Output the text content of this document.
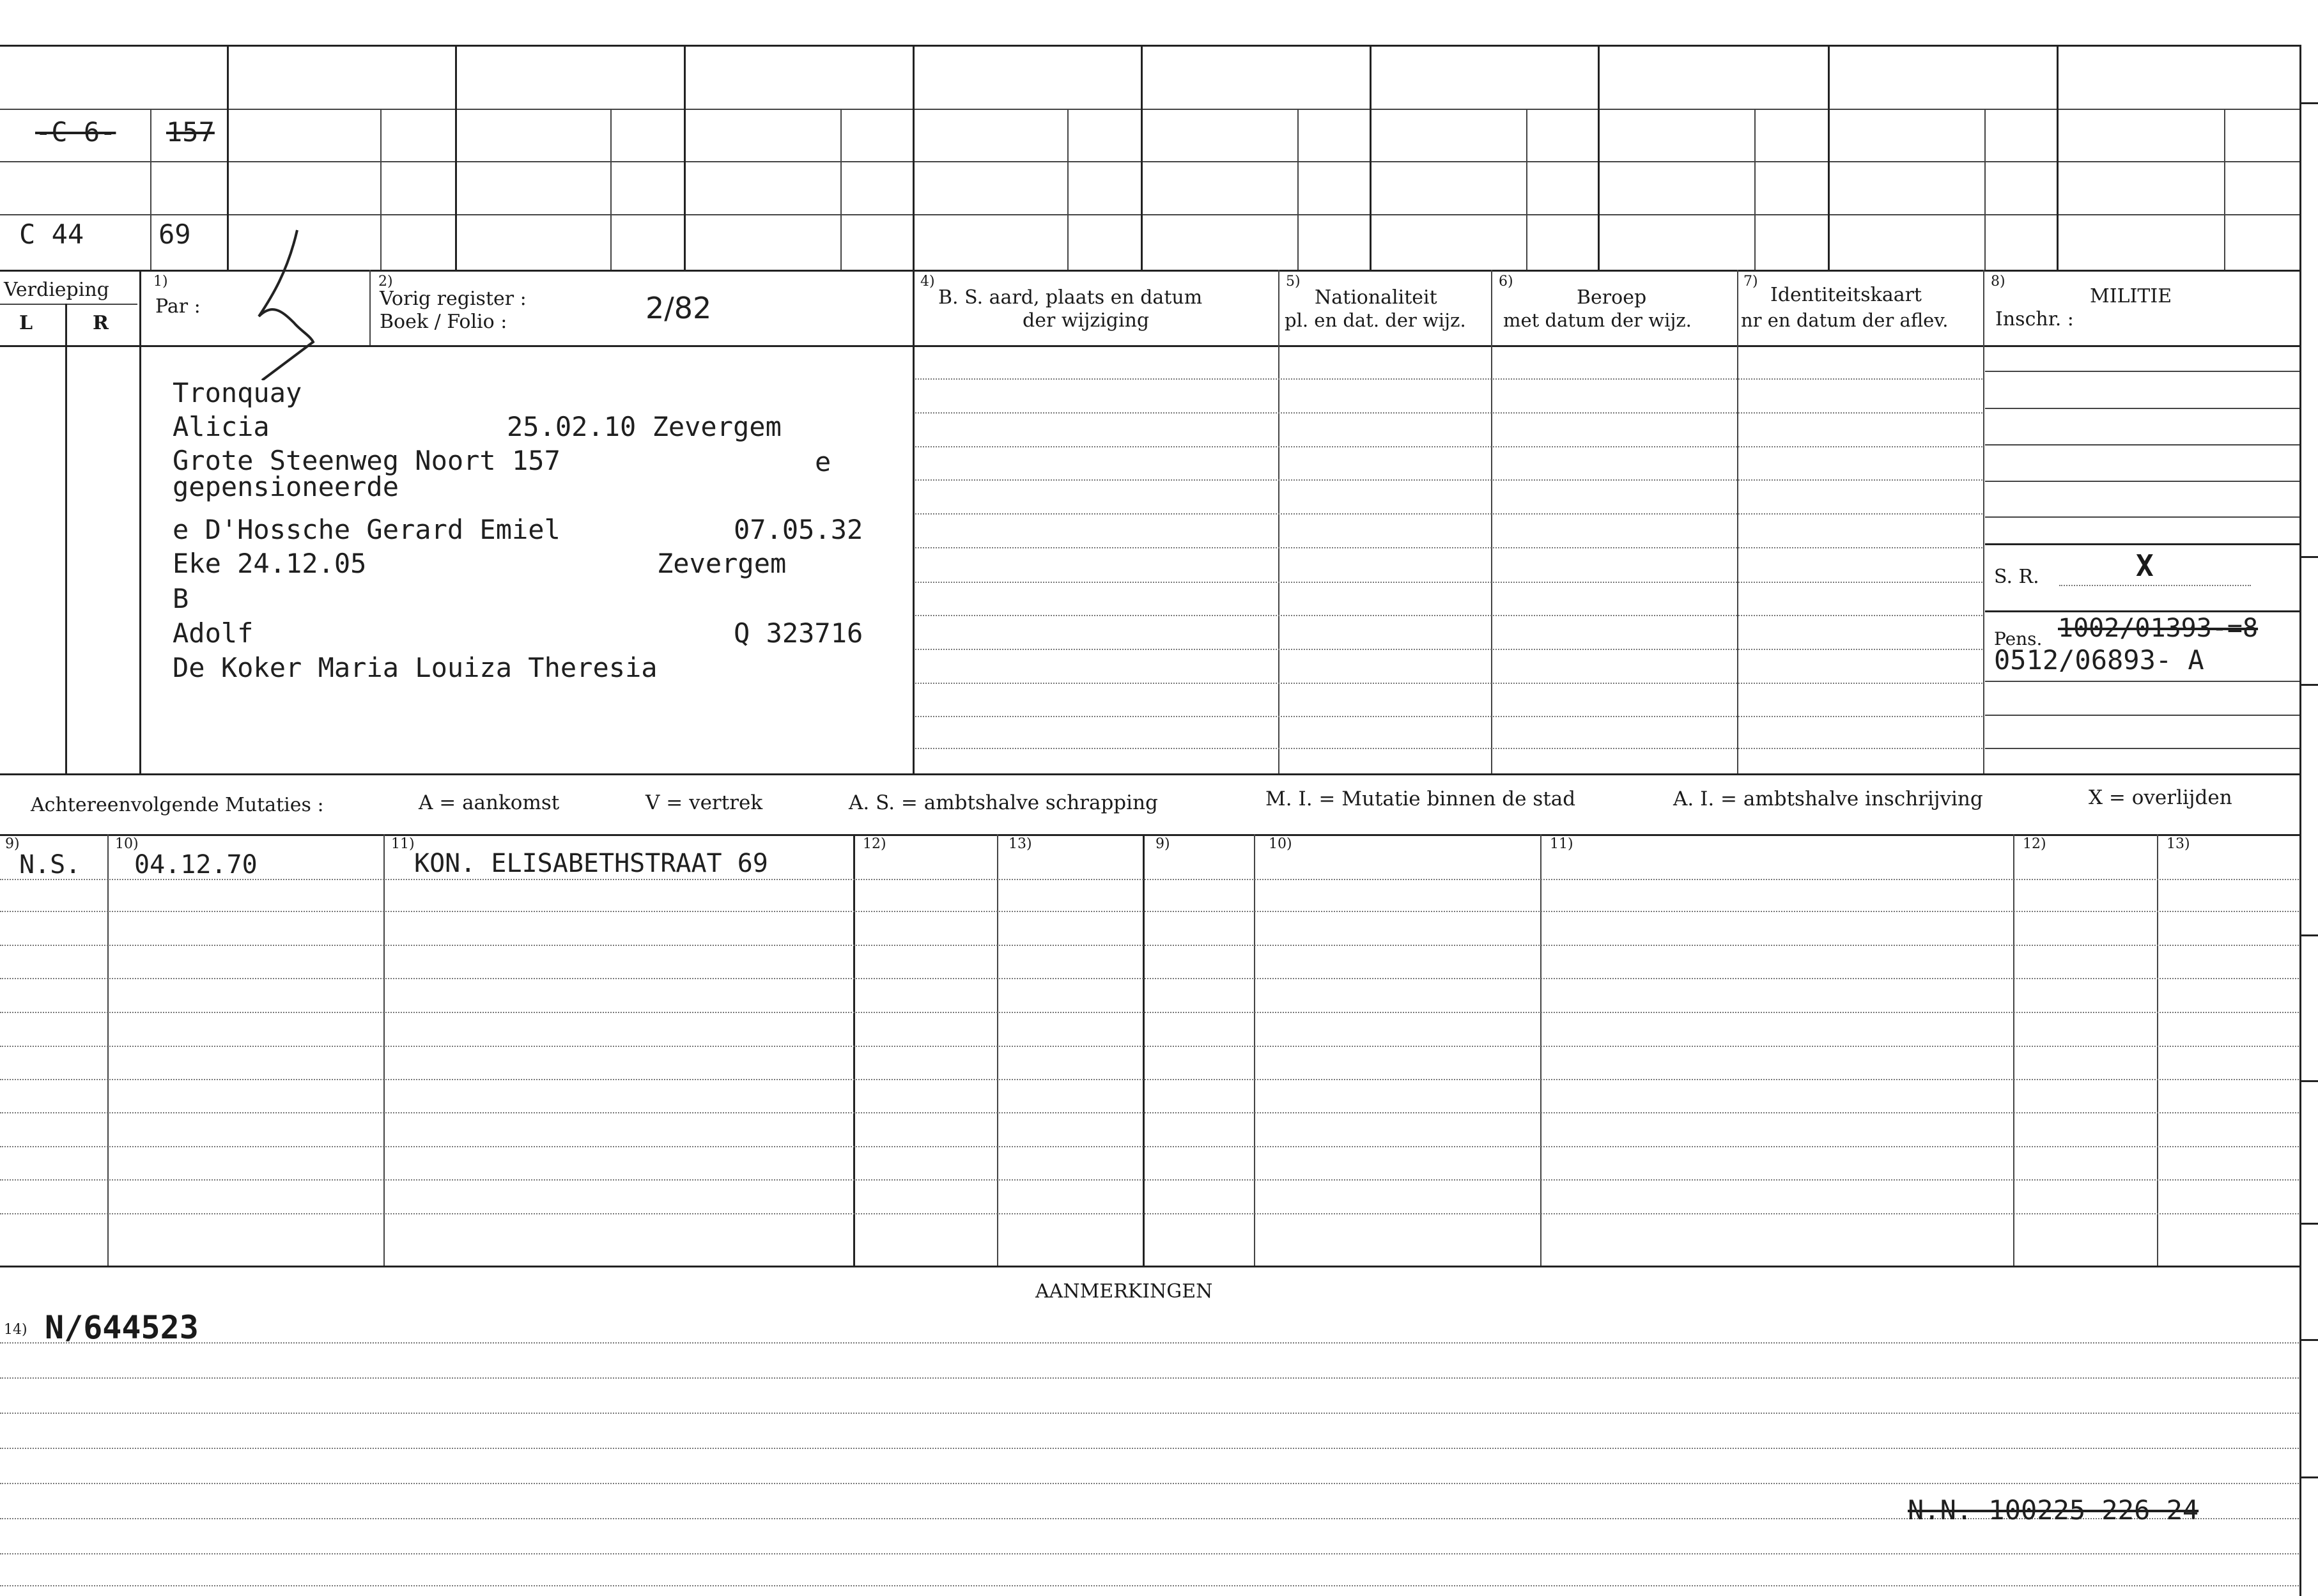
-C 6- 157
C 44	69
Verdieping
L	R
1)
Par :
2)
Vorig register :
Boek / Folio :	2/82
4)
B. S. aard, plaats en datum
der wijziging
5)
Nationaliteit
pl. en dat. der wijz.
6)
Beroep
met datum der wijz.
7)
Identiteitskaart
nr en datum der aflev.
8)
MILITIE
Inschr. :
Tronquay
Alicia	25.02.10 Zevergem
Grote Steenweg Noort 157	e
gepensioneerde
e D'Hossche Gerard Emiel	07.05.32
Eke 24.12.05	Zevergem
B
Adolf	Q 323716
De Koker Maria Louiza Theresia
S. R.	X
Pens. 1002/01393-=8
0512/06893- A
Achtereenvolgende Mutaties :	A = aankomst	V = vertrek	A. S. = ambtshalve schrapping	M. I. = Mutatie binnen de stad	A. I. = ambtshalve inschrijving	X = overlijden
9)	10)	11)	12)	13)	9)	10)	11)	12)	13)
N.S. 04.12.70	KON. ELISABETHSTRAAT 69
AANMERKINGEN
14) N/644523
N.N. 100225 226 24
